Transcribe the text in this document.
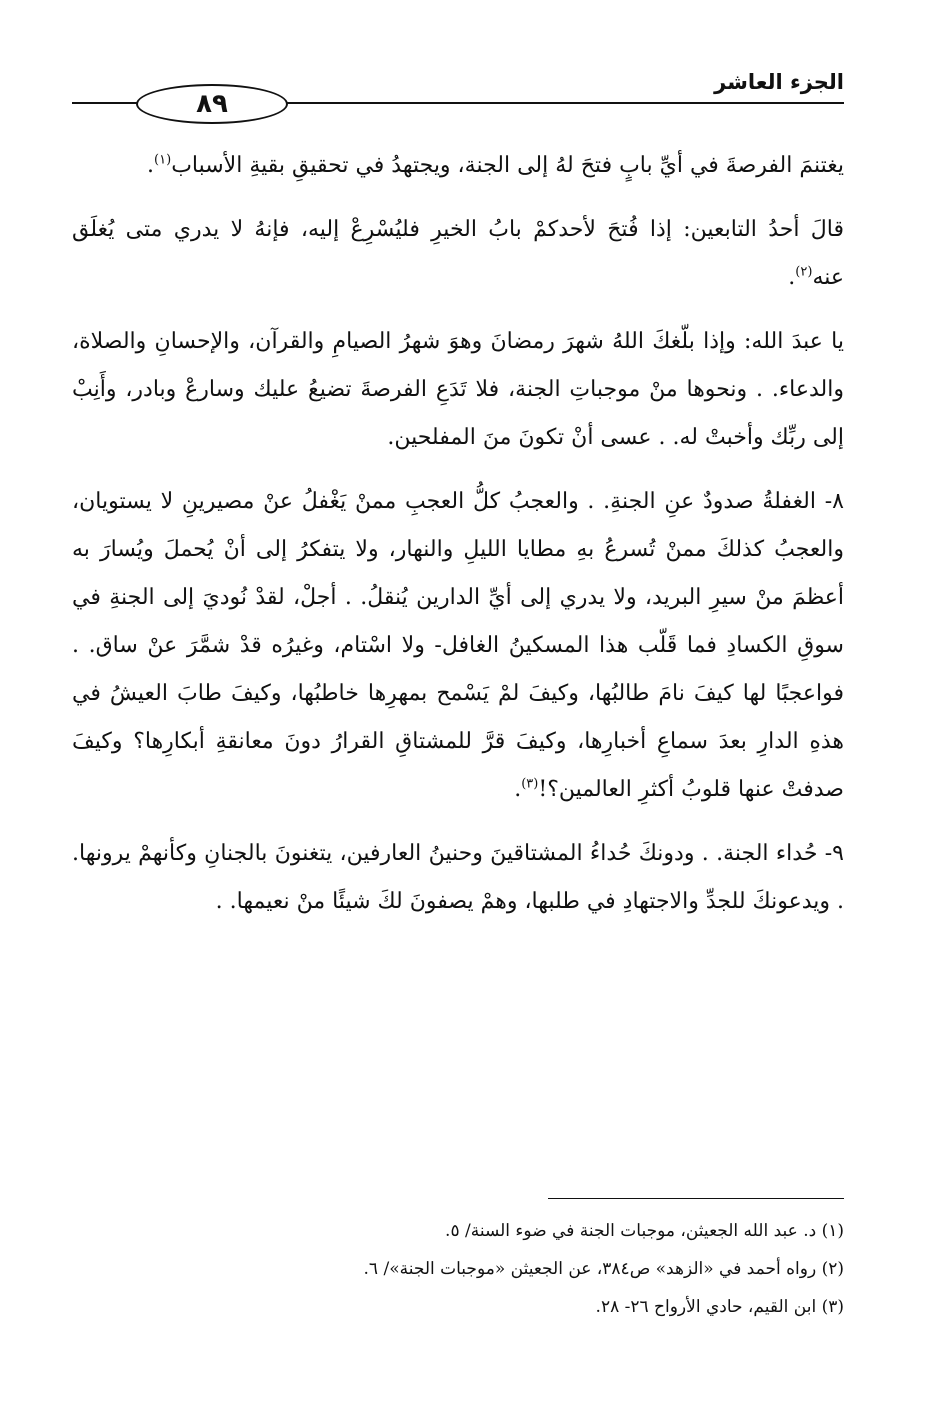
٨٩
الجزء العاشر

يغتنمَ الفرصةَ في أيِّ بابٍ فتحَ لهُ إلى الجنة، ويجتهدُ في تحقيقِ بقيةِ الأسباب$^{(١)}$.

قالَ أحدُ التابعين: إذا فُتحَ لأحدكمْ بابُ الخيرِ فليُسْرِعْ إليه، فإنهُ لا يدري متى يُغلَق عنه$^{(٢)}$.

يا عبدَ الله: وإذا بلّغكَ اللهُ شهرَ رمضانَ وهوَ شهرُ الصيامِ والقرآن، والإحسانِ والصلاة، والدعاء. . ونحوها منْ موجباتِ الجنة، فلا تَدَعِ الفرصةَ تضيعُ عليك وسارعْ وبادر، وأَنِبْ إلى ربِّك وأخبتْ له. . عسى أنْ تكونَ منَ المفلحين.

٨- الغفلةُ صدودٌ عنِ الجنةِ. . والعجبُ كلُّ العجبِ ممنْ يَغْفلُ عنْ مصيرينِ لا يستويان، والعجبُ كذلكَ ممنْ تُسرعُ بهِ مطايا الليلِ والنهار، ولا يتفكرُ إلى أنْ يُحملَ ويُسارَ به أعظمَ منْ سيرِ البريد، ولا يدري إلى أيِّ الدارين يُنقلُ. . أجلْ، لقدْ نُوديَ إلى الجنةِ في سوقِ الكسادِ فما قَلّب هذا المسكينُ الغافل- ولا اسْتام، وغيرُه قدْ شمَّرَ عنْ ساق. . فواعجبًا لها كيفَ نامَ طالبُها، وكيفَ لمْ يَسْمح بمهرِها خاطبُها، وكيفَ طابَ العيشُ في هذهِ الدارِ بعدَ سماعِ أخبارِها، وكيفَ قرَّ للمشتاقِ القرارُ دونَ معانقةِ أبكارِها؟ وكيفَ صدفتْ عنها قلوبُ أكثرِ العالمين؟!$^{(٣)}$.

٩- حُداء الجنة. . ودونكَ حُداءُ المشتاقينَ وحنينُ العارفين، يتغنونَ بالجنانِ وكأنهمْ يرونها. . ويدعونكَ للجدِّ والاجتهادِ في طلبها، وهمْ يصفونَ لكَ شيئًا منْ نعيمها. .

(١) د. عبد الله الجعيثن، موجبات الجنة في ضوء السنة/ ٥.

(٢) رواه أحمد في «الزهد» ص٣٨٤، عن الجعيثن «موجبات الجنة»/ ٦.

(٣) ابن القيم، حادي الأرواح ٢٦- ٢٨.
